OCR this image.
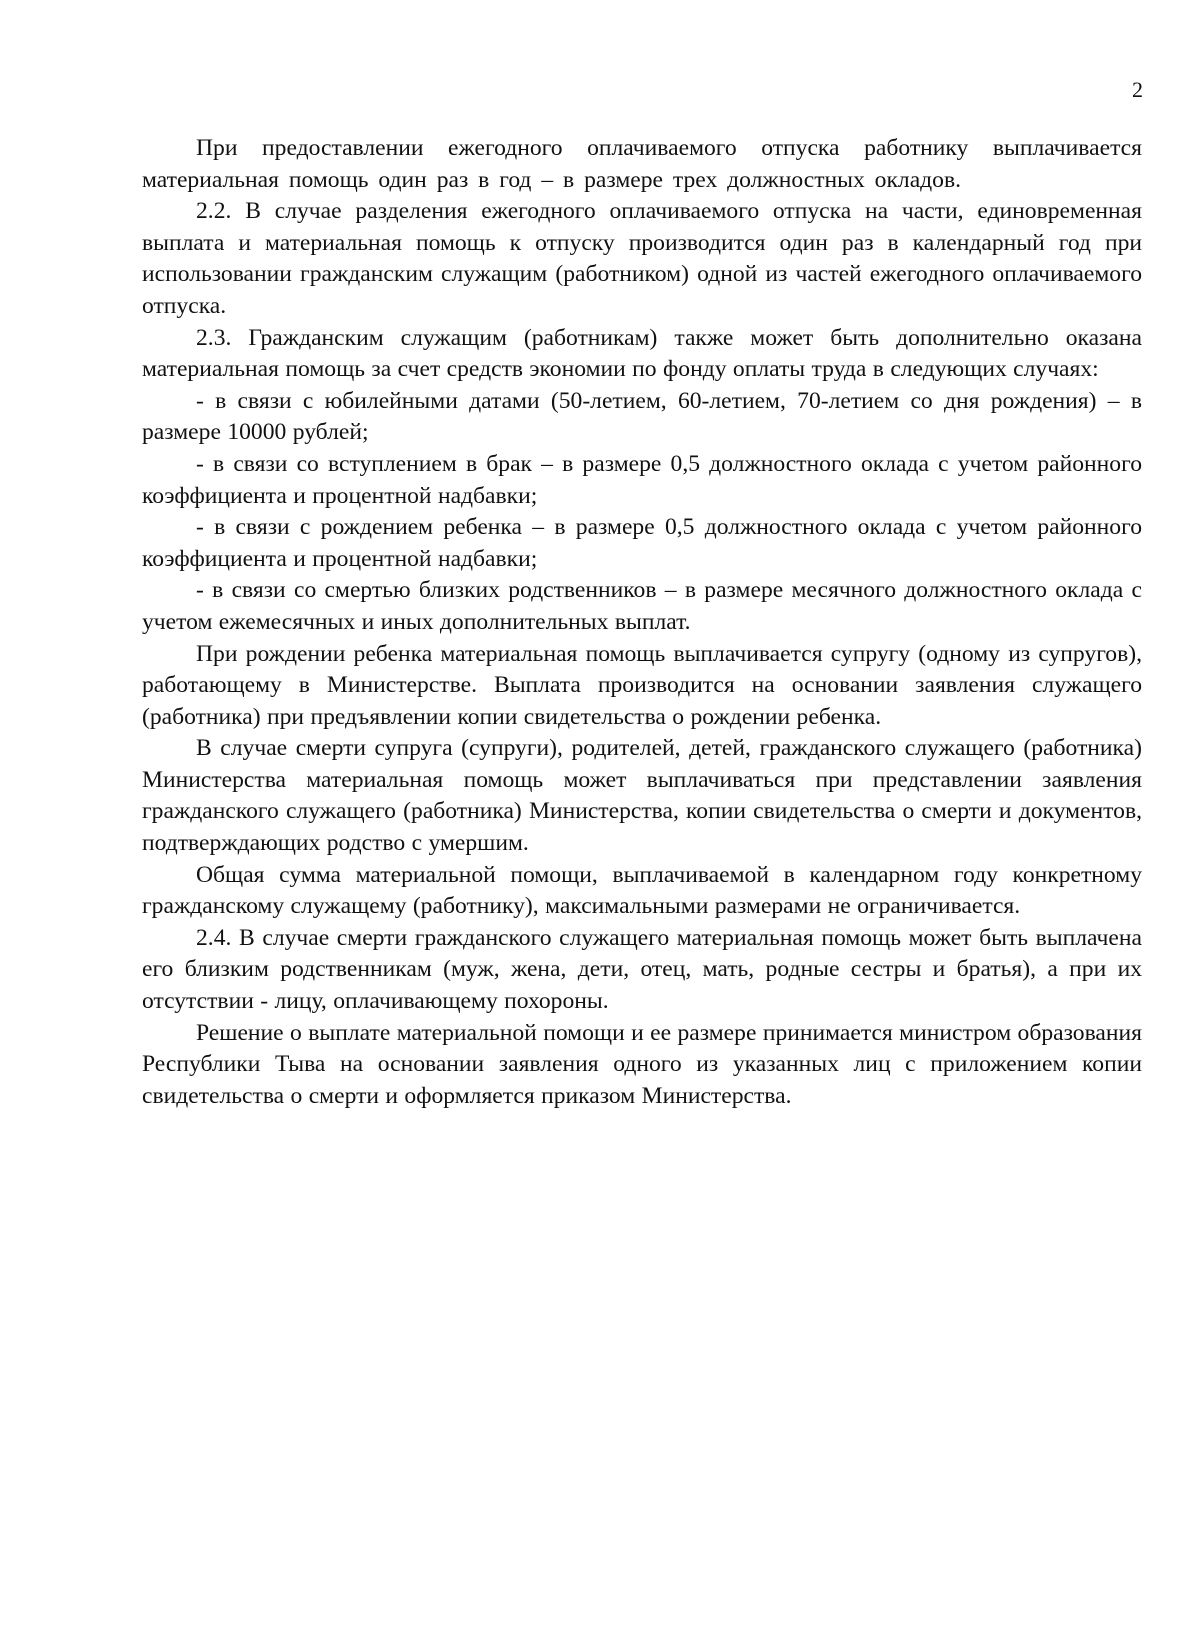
2

При предоставлении ежегодного оплачиваемого отпуска работнику выплачивается материальная помощь один раз в год – в размере трех должностных окладов.

2.2. В случае разделения ежегодного оплачиваемого отпуска на части, единовременная выплата и материальная помощь к отпуску производится один раз в календарный год при использовании гражданским служащим (работником) одной из частей ежегодного оплачиваемого отпуска.

2.3. Гражданским служащим (работникам) также может быть дополнительно оказана материальная помощь за счет средств экономии по фонду оплаты труда в следующих случаях:

- в связи с юбилейными датами (50-летием, 60-летием, 70-летием со дня рождения) – в размере 10000 рублей;

- в связи со вступлением в брак – в размере 0,5 должностного оклада с учетом районного коэффициента и процентной надбавки;

- в связи с рождением ребенка – в размере 0,5 должностного оклада с учетом районного коэффициента и процентной надбавки;

- в связи со смертью близких родственников – в размере месячного должностного оклада с учетом ежемесячных и иных дополнительных выплат.

При рождении ребенка материальная помощь выплачивается супругу (одному из супругов), работающему в Министерстве. Выплата производится на основании заявления служащего (работника) при предъявлении копии свидетельства о рождении ребенка.

В случае смерти супруга (супруги), родителей, детей, гражданского служащего (работника) Министерства материальная помощь может выплачиваться при представлении заявления гражданского служащего (работника) Министерства, копии свидетельства о смерти и документов, подтверждающих родство с умершим.

Общая сумма материальной помощи, выплачиваемой в календарном году конкретному гражданскому служащему (работнику), максимальными размерами не ограничивается.

2.4. В случае смерти гражданского служащего материальная помощь может быть выплачена его близким родственникам (муж, жена, дети, отец, мать, родные сестры и братья), а при их отсутствии - лицу, оплачивающему похороны.

Решение о выплате материальной помощи и ее размере принимается министром образования Республики Тыва на основании заявления одного из указанных лиц с приложением копии свидетельства о смерти и оформляется приказом Министерства.
